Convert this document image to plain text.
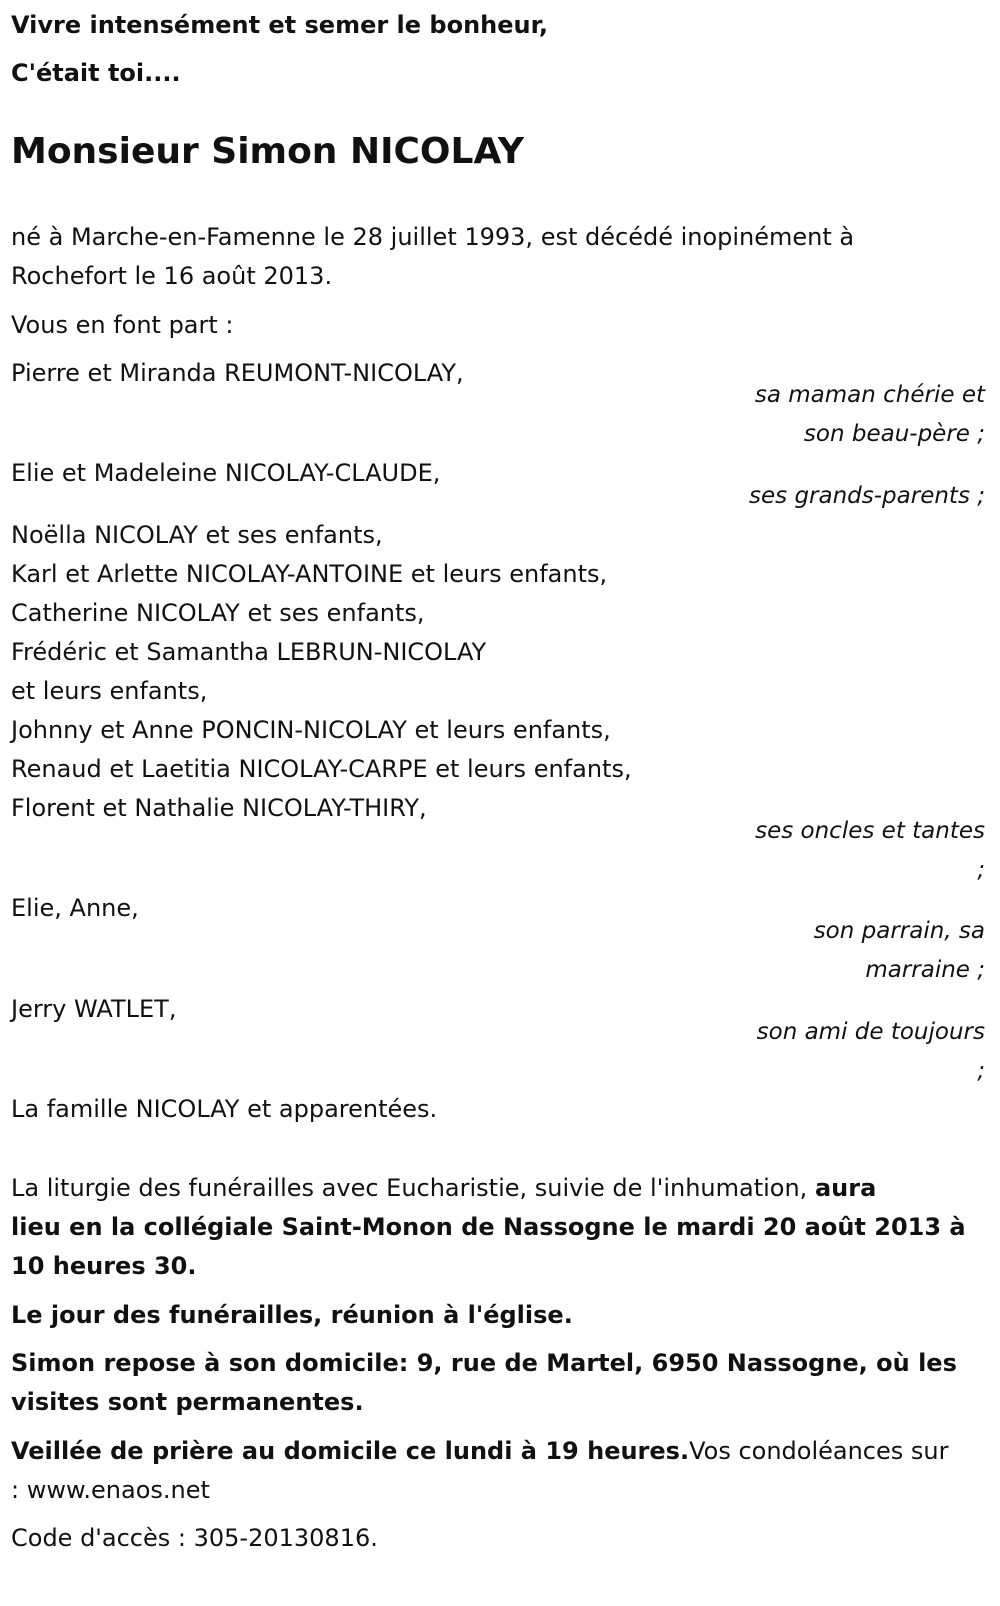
Vivre intensément et semer le bonheur,
C'était toi....
Monsieur Simon NICOLAY
né à Marche-en-Famenne le 28 juillet 1993, est décédé inopinément à
Rochefort le 16 août 2013.
Vous en font part :
Pierre et Miranda REUMONT-NICOLAY,
sa maman chérie et
son beau-père ;
Elie et Madeleine NICOLAY-CLAUDE,
ses grands-parents ;
Noëlla NICOLAY et ses enfants,
Karl et Arlette NICOLAY-ANTOINE et leurs enfants,
Catherine NICOLAY et ses enfants,
Frédéric et Samantha LEBRUN-NICOLAY
et leurs enfants,
Johnny et Anne PONCIN-NICOLAY et leurs enfants,
Renaud et Laetitia NICOLAY-CARPE et leurs enfants,
Florent et Nathalie NICOLAY-THIRY,
ses oncles et tantes
;
Elie, Anne,
son parrain, sa
marraine ;
Jerry WATLET,
son ami de toujours
;
La famille NICOLAY et apparentées.
La liturgie des funérailles avec Eucharistie, suivie de l'inhumation, aura
lieu en la collégiale Saint-Monon de Nassogne le mardi 20 août 2013 à
10 heures 30.
Le jour des funérailles, réunion à l'église.
Simon repose à son domicile: 9, rue de Martel, 6950 Nassogne, où les
visites sont permanentes.
Veillée de prière au domicile ce lundi à 19 heures.Vos condoléances sur
: www.enaos.net
Code d'accès : 305-20130816.
